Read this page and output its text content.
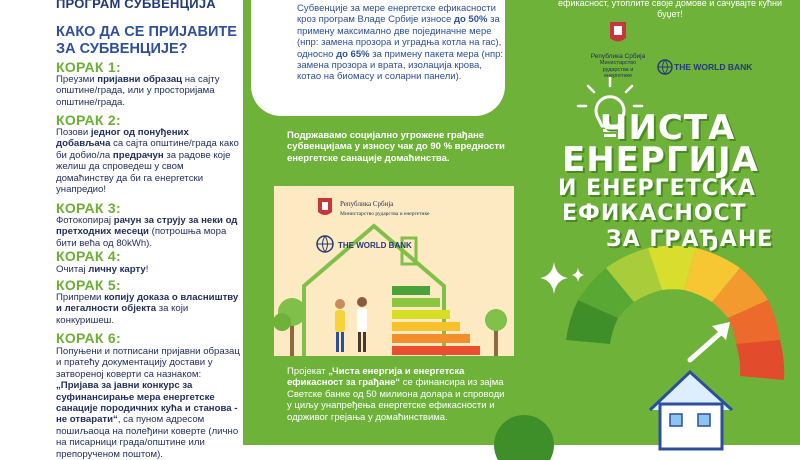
ПРОГРАМ СУБВЕНЦИЈА
КАКО ДА СЕ ПРИЈАВИТЕ ЗА СУБВЕНЦИЈЕ?
КОРАК 1:
Преузми пријавни образац на сајту општине/града, или у просторијама општине/града.
КОРАК 2:
Позови једног од понуђених добављача са сајта општине/града како би добио/ла предрачун за радове које желиш да спроведеш у свом домаћинству да би га енергетски унапредио!
КОРАК 3:
Фотокопирај рачун за струју за неки од претходних месеци (потрошња мора бити већа од 80kWh).
КОРАК 4:
Очитај личну карту!
КОРАК 5:
Припреми копију доказа о власништву и легалности објекта за који конкуришеш.
КОРАК 6:
Попуњени и потписани пријавни образац и пратећу документацију достави у затвореној коверти са назнаком: „Пријава за јавни конкурс за суфинансирање мера енергетске санације породичних кућа и станова - не отварати“, са пуном адресом пошиљаоца на полеђини коверте (лично на писарници града/општине или препорученом поштом).

Субвенције за мере енергетске ефикасности кроз програм Владе Србије износе до 50% за примену максимално две појединачне мере (нпр: замена прозора и уградња котла на гас), односно до 65% за примену пакета мера (нпр: замена прозора и врата, изолација крова, котао на биомасу и соларни панели).

Подржавамо социјално угрожене грађане субвенцијама у износу чак до 90 % вредности енергетске санације домаћинства.
Република Србија
Министарство рударства и енергетике
THE WORLD BANK
Пројекат „Чиста енергија и енергетска ефикасност за грађане“ се финансира из зајма Светске банке од 50 милиона долара и спроводи у циљу унапређења енергетске ефикасности и одрживог грејања у домаћинствима.
ефикасност, утоплите своје домове и сачувајте кућни буџет!
Република Србија
Министарство рударства и енергетике
THE WORLD BANK
ЧИСТА
ЕНЕРГИЈА
И ЕНЕРГЕТСКА
ЕФИКАСНОСТ
ЗА ГРАЂАНЕ
